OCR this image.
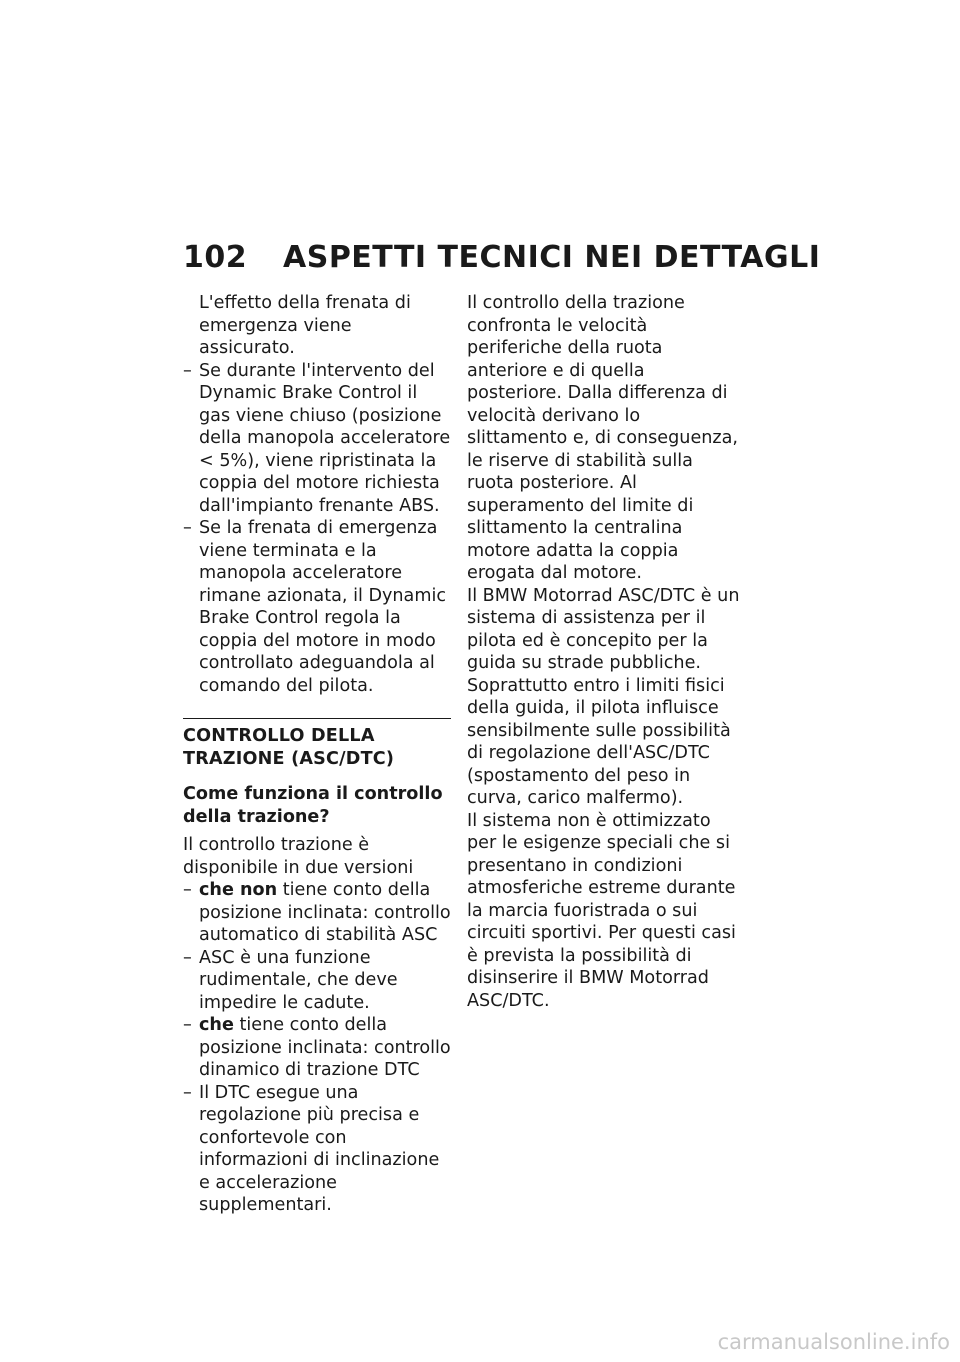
102 ASPETTI TECNICI NEI DETTAGLI

L'effetto della frenata di emergenza viene assicurato.

– Se durante l'intervento del Dynamic Brake Control il gas viene chiuso (posizione della manopola acceleratore < 5%), viene ripristinata la coppia del motore richiesta dall'impianto frenante ABS.
– Se la frenata di emergenza viene terminata e la manopola acceleratore rimane azionata, il Dynamic Brake Control regola la coppia del motore in modo controllato adeguandola al comando del pilota.
CONTROLLO DELLA TRAZIONE (ASC/DTC)
Come funziona il controllo della trazione?

Il controllo trazione è disponibile in due versioni

– che non tiene conto della posizione inclinata: controllo automatico di stabilità ASC
– ASC è una funzione rudimentale, che deve impedire le cadute.
– che tiene conto della posizione inclinata: controllo dinamico di trazione DTC
– Il DTC esegue una regolazione più precisa e confortevole con informazioni di inclinazione e accelerazione supplementari.

Il controllo della trazione confronta le velocità periferiche della ruota anteriore e di quella posteriore. Dalla differenza di velocità derivano lo slittamento e, di conseguenza, le riserve di stabilità sulla ruota posteriore. Al superamento del limite di slittamento la centralina motore adatta la coppia erogata dal motore.

Il BMW Motorrad ASC/DTC è un sistema di assistenza per il pilota ed è concepito per la guida su strade pubbliche. Soprattutto entro i limiti fisici della guida, il pilota influisce sensibilmente sulle possibilità di regolazione dell'ASC/DTC (spostamento del peso in curva, carico malfermo).

Il sistema non è ottimizzato per le esigenze speciali che si presentano in condizioni atmosferiche estreme durante la marcia fuoristrada o sui circuiti sportivi. Per questi casi è prevista la possibilità di disinserire il BMW Motorrad ASC/DTC.

carmanualsonline.info
